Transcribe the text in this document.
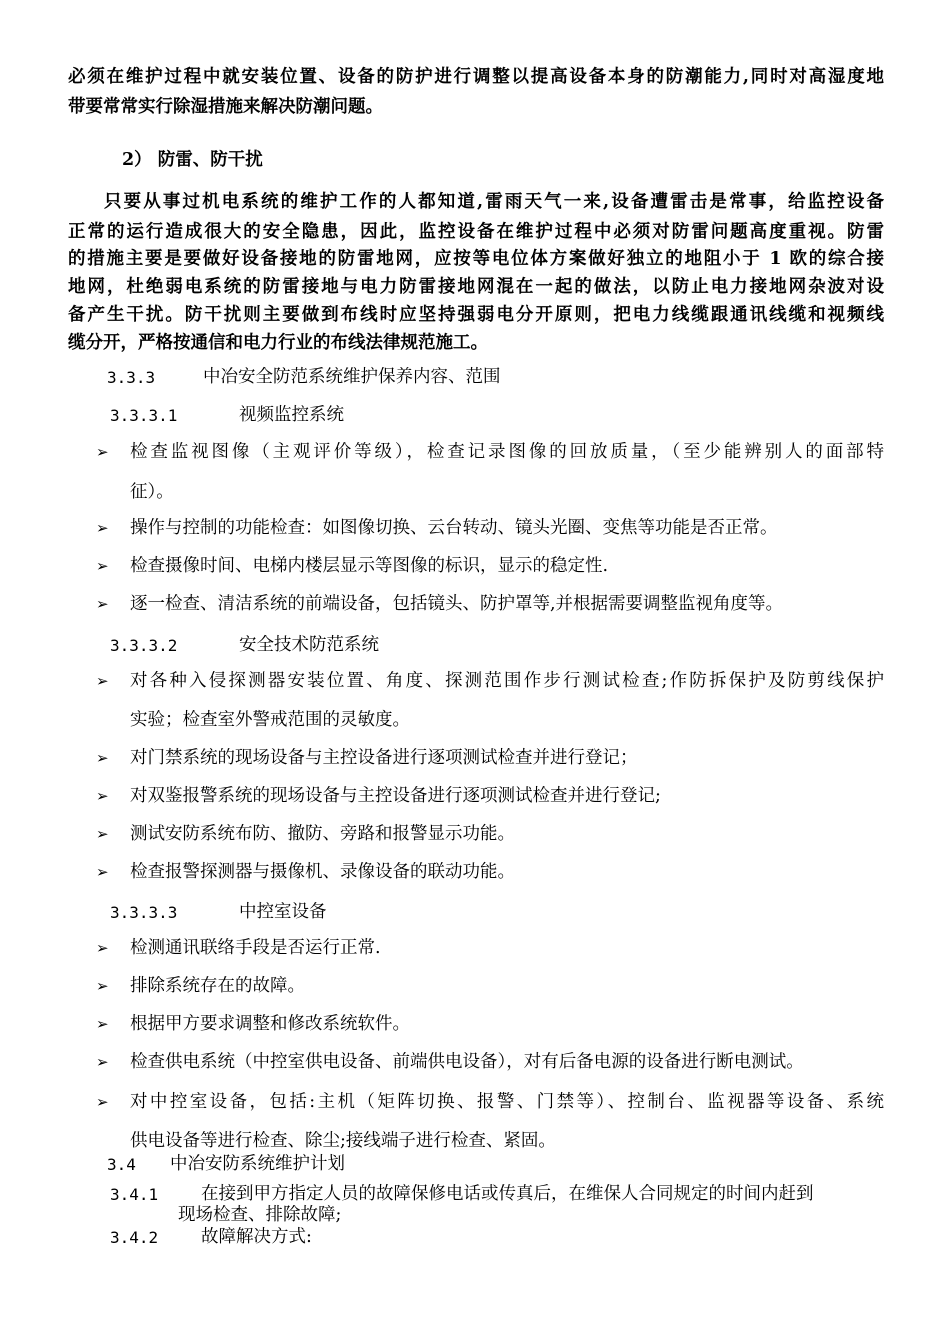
必须在维护过程中就安装位置、设备的防护进行调整以提高设备本身的防潮能力,同时对高湿度地

带要常常实行除湿措施来解决防潮问题。

2） 防雷、防干扰

只要从事过机电系统的维护工作的人都知道,雷雨天气一来,设备遭雷击是常事，给监控设备

正常的运行造成很大的安全隐患，因此，监控设备在维护过程中必须对防雷问题高度重视。防雷

的措施主要是要做好设备接地的防雷地网，应按等电位体方案做好独立的地阻小于 1 欧的综合接

地网，杜绝弱电系统的防雷接地与电力防雷接地网混在一起的做法，以防止电力接地网杂波对设

备产生干扰。防干扰则主要做到布线时应坚持强弱电分开原则，把电力线缆跟通讯线缆和视频线

缆分开，严格按通信和电力行业的布线法律规范施工。

3.3.3	中冶安全防范系统维护保养内容、范围

3.3.3.1	视频监控系统

➢ 检查监视图像（主观评价等级），检查记录图像的回放质量，（至少能辨别人的面部特

征）。

➢ 操作与控制的功能检查：如图像切换、云台转动、镜头光圈、变焦等功能是否正常。

➢ 检查摄像时间、电梯内楼层显示等图像的标识，显示的稳定性.

➢ 逐一检查、清洁系统的前端设备，包括镜头、防护罩等,并根据需要调整监视角度等。

3.3.3.2	安全技术防范系统

➢ 对各种入侵探测器安装位置、角度、探测范围作步行测试检查;作防拆保护及防剪线保护

实验；检查室外警戒范围的灵敏度。

➢ 对门禁系统的现场设备与主控设备进行逐项测试检查并进行登记；

➢ 对双鉴报警系统的现场设备与主控设备进行逐项测试检查并进行登记;

➢ 测试安防系统布防、撤防、旁路和报警显示功能。

➢ 检查报警探测器与摄像机、录像设备的联动功能。

3.3.3.3	中控室设备

➢ 检测通讯联络手段是否运行正常.

➢ 排除系统存在的故障。

➢ 根据甲方要求调整和修改系统软件。

➢ 检查供电系统（中控室供电设备、前端供电设备），对有后备电源的设备进行断电测试。

➢ 对中控室设备，包括:主机（矩阵切换、报警、门禁等）、控制台、监视器等设备、系统

供电设备等进行检查、除尘;接线端子进行检查、紧固。

3.4 中冶安防系统维护计划

3.4.1 在接到甲方指定人员的故障保修电话或传真后，在维保人合同规定的时间内赶到

现场检查、排除故障;

3.4.2 故障解决方式:
